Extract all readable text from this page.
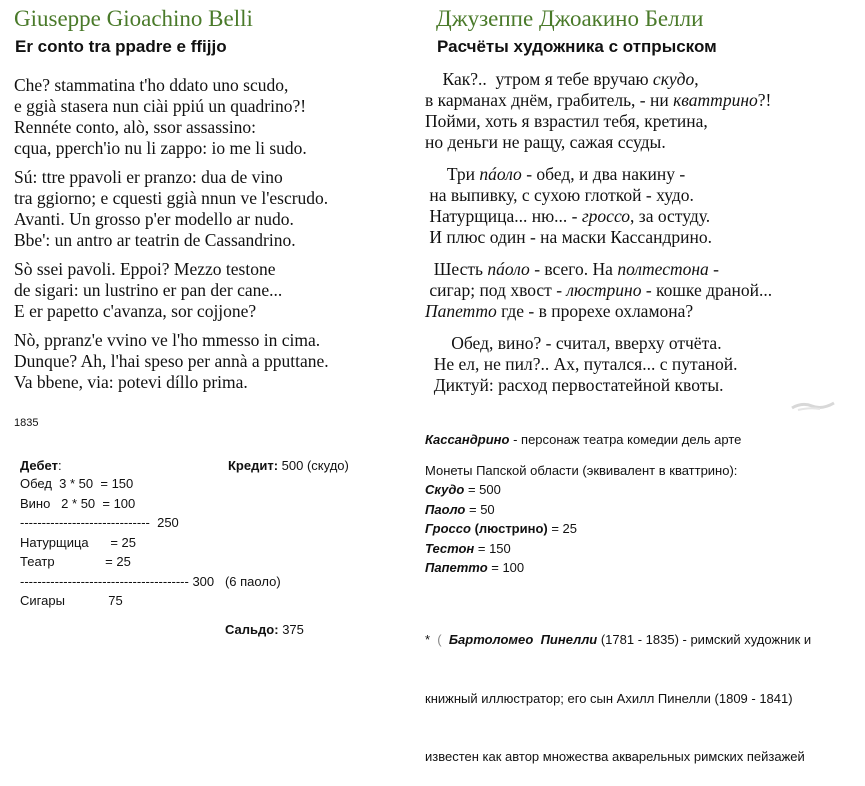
Giuseppe Gioachino Belli
Er conto tra ppadre e ffijjo
Che? stammatina t'ho ddato uno scudo,
e ggià stasera nun ciài ppiú un quadrino?!
Rennéte conto, alò, ssor assassino:
cqua, pperch'io nu li zappo: io me li sudo.
Sú: ttre ppavoli er pranzo: dua de vino
tra ggiorno; e cquesti ggià nnun ve l'escrudo.
Avanti. Un grosso p'er modello ar nudo.
Bbe': un antro ar teatrin de Cassandrino.
Sò ssei pavoli. Eppoi? Mezzo testone
de sigari: un lustrino er pan der cane...
E er papetto c'avanza, sor cojjone?
Nò, ppranz'e vvino ve l'ho mmesso in cima.
Dunque? Ah, l'hai speso per annà a pputtane.
Va bbene, via: potevi díllo prima.
1835
Дебет:	Кредит: 500 (скудо)
Обед  3 * 50  = 150
Вино   2 * 50  = 100
------------------------------  250
Натурщица      = 25
Театр              = 25
--------------------------------------- 300   (6 паоло)
Сигары            75
Сальдо: 375
Джузеппе Джоакино Белли
Расчёты художника с отпрыском
Как?..  утром я тебе вручаю скудо,
в карманах днём, грабитель, - ни кваттрино?!
Пойми, хоть я взрастил тебя, кретина,
но деньги не ращу, сажая ссуды.
Три пáоло - обед, и два накину -
на выпивку, с сухою глоткой - худо.
Натурщица... ню... - гроссо, за остуду.
И плюс один - на маски Кассандрино.
Шесть пáоло - всего. На полтестона -
сигар; под хвост - люстрино - кошке драной...
Папетто где - в прорехе охламона?
Обед, вино? - считал, вверху отчёта.
Не ел, не пил?.. Ах, путался... с путаной.
Диктуй: расход первостатейной квоты.
Кассандрино - персонаж театра комедии дель арте
Монеты Папской области (эквивалент в кваттрино):
Скудо = 500
Паоло = 50
Гроссо (люстрино) = 25
Тестон = 150
Папетто = 100

*  (  Бартоломео  Пинелли (1781 - 1835) - римский художник и

книжный иллюстратор; его сын Ахилл Пинелли (1809 - 1841)

известен как автор множества акварельных римских пейзажей
